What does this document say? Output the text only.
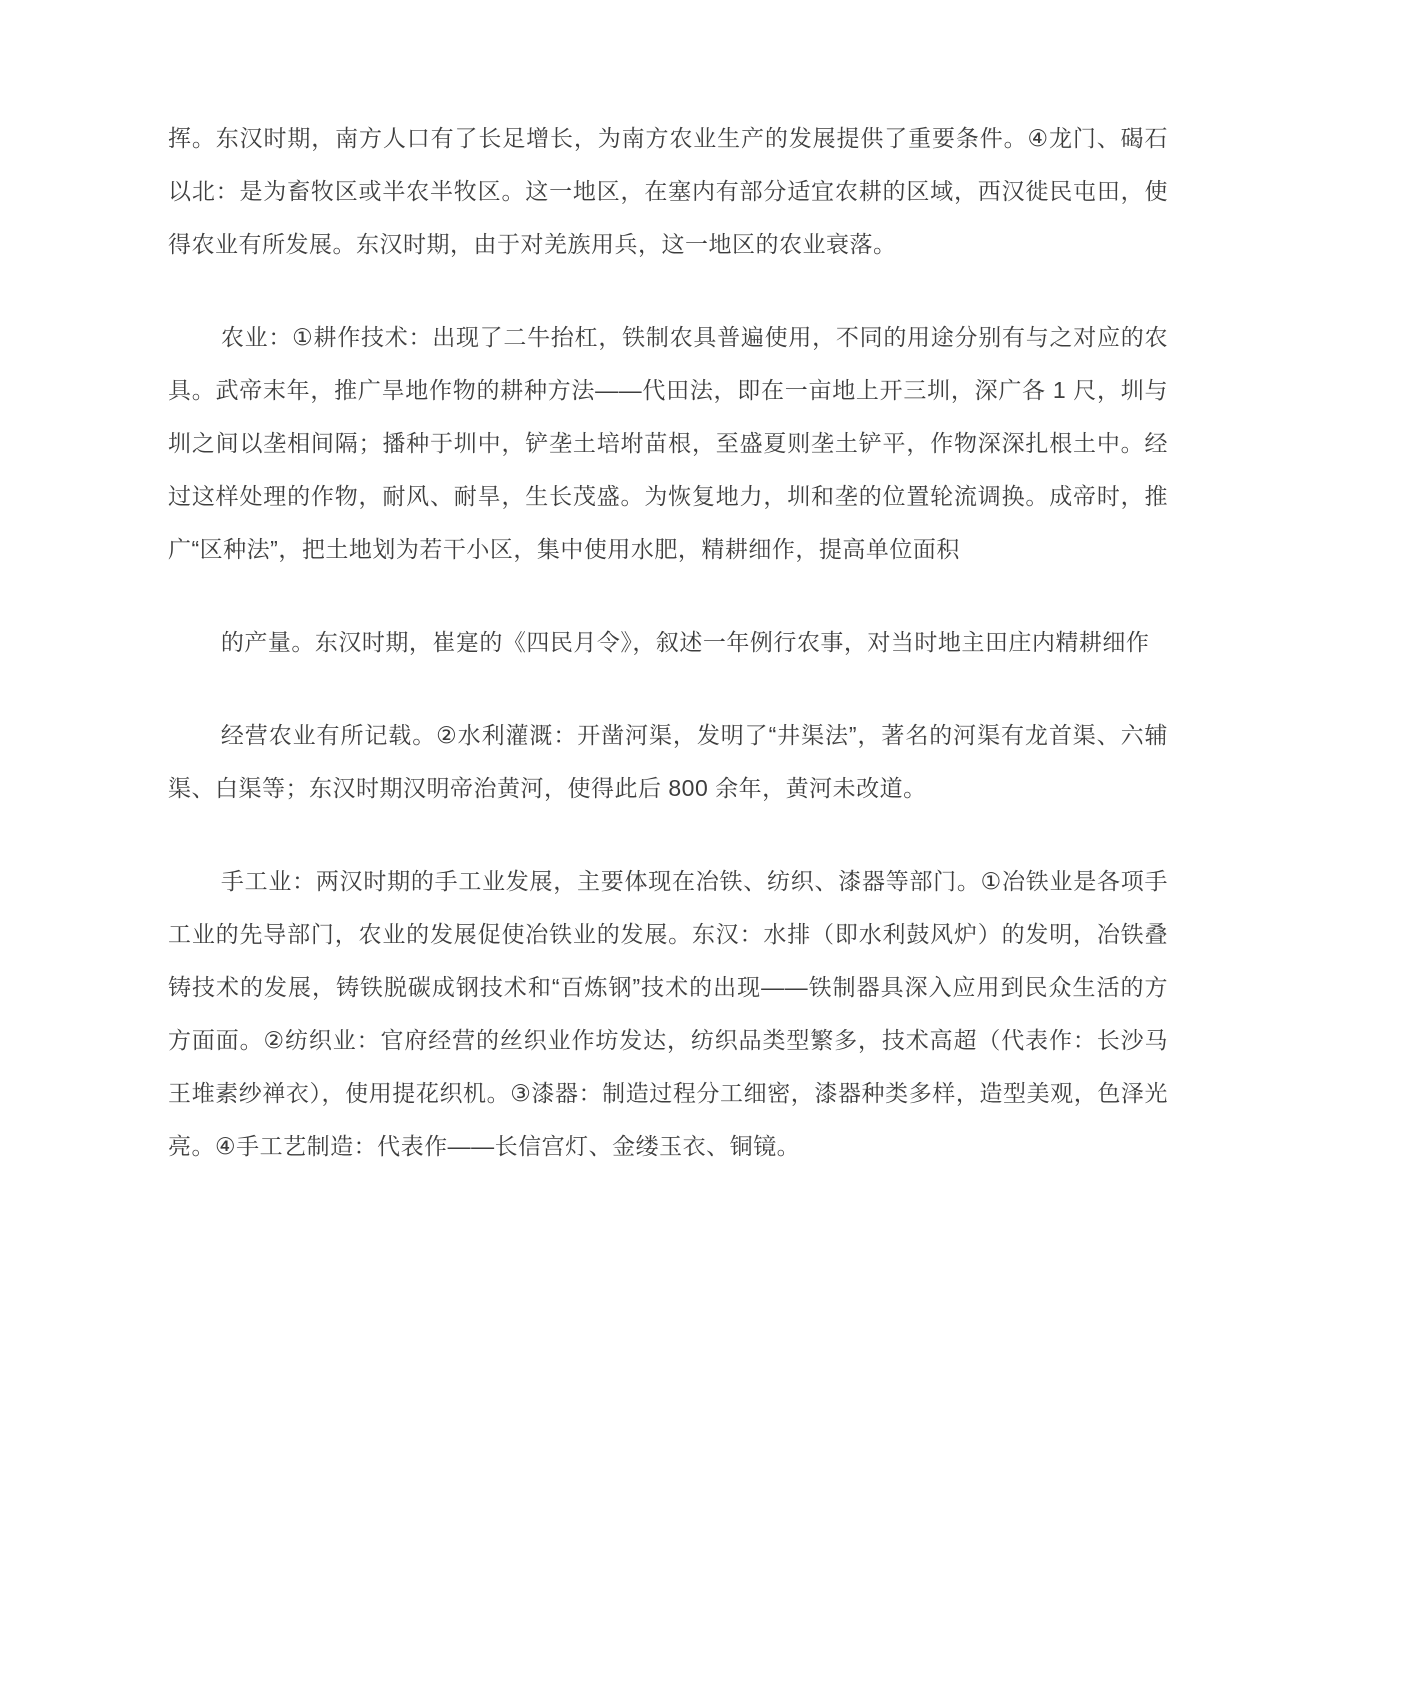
挥。东汉时期，南方人口有了长足增长，为南方农业生产的发展提供了重要条件。④龙门、碣石以北：是为畜牧区或半农半牧区。这一地区，在塞内有部分适宜农耕的区域，西汉徙民屯田，使得农业有所发展。东汉时期，由于对羌族用兵，这一地区的农业衰落。

农业：①耕作技术：出现了二牛抬杠，铁制农具普遍使用，不同的用途分别有与之对应的农具。武帝末年，推广旱地作物的耕种方法——代田法，即在一亩地上开三圳，深广各 1 尺，圳与圳之间以垄相间隔；播种于圳中，铲垄土培坿苗根，至盛夏则垄土铲平，作物深深扎根土中。经过这样处理的作物，耐风、耐旱，生长茂盛。为恢复地力，圳和垄的位置轮流调换。成帝时，推广“区种法”，把土地划为若干小区，集中使用水肥，精耕细作，提高单位面积

的产量。东汉时期，崔寔的《四民月令》，叙述一年例行农事，对当时地主田庄内精耕细作

经营农业有所记载。②水利灌溉：开凿河渠，发明了“井渠法”，著名的河渠有龙首渠、六辅渠、白渠等；东汉时期汉明帝治黄河，使得此后 800 余年，黄河未改道。

手工业：两汉时期的手工业发展，主要体现在冶铁、纺织、漆器等部门。①冶铁业是各项手工业的先导部门，农业的发展促使冶铁业的发展。东汉：水排（即水利鼓风炉）的发明，冶铁叠铸技术的发展，铸铁脱碳成钢技术和“百炼钢”技术的出现——铁制器具深入应用到民众生活的方方面面。②纺织业：官府经营的丝织业作坊发达，纺织品类型繁多，技术高超（代表作：长沙马王堆素纱禅衣），使用提花织机。③漆器：制造过程分工细密，漆器种类多样，造型美观，色泽光亮。④手工艺制造：代表作——长信宫灯、金缕玉衣、铜镜。
